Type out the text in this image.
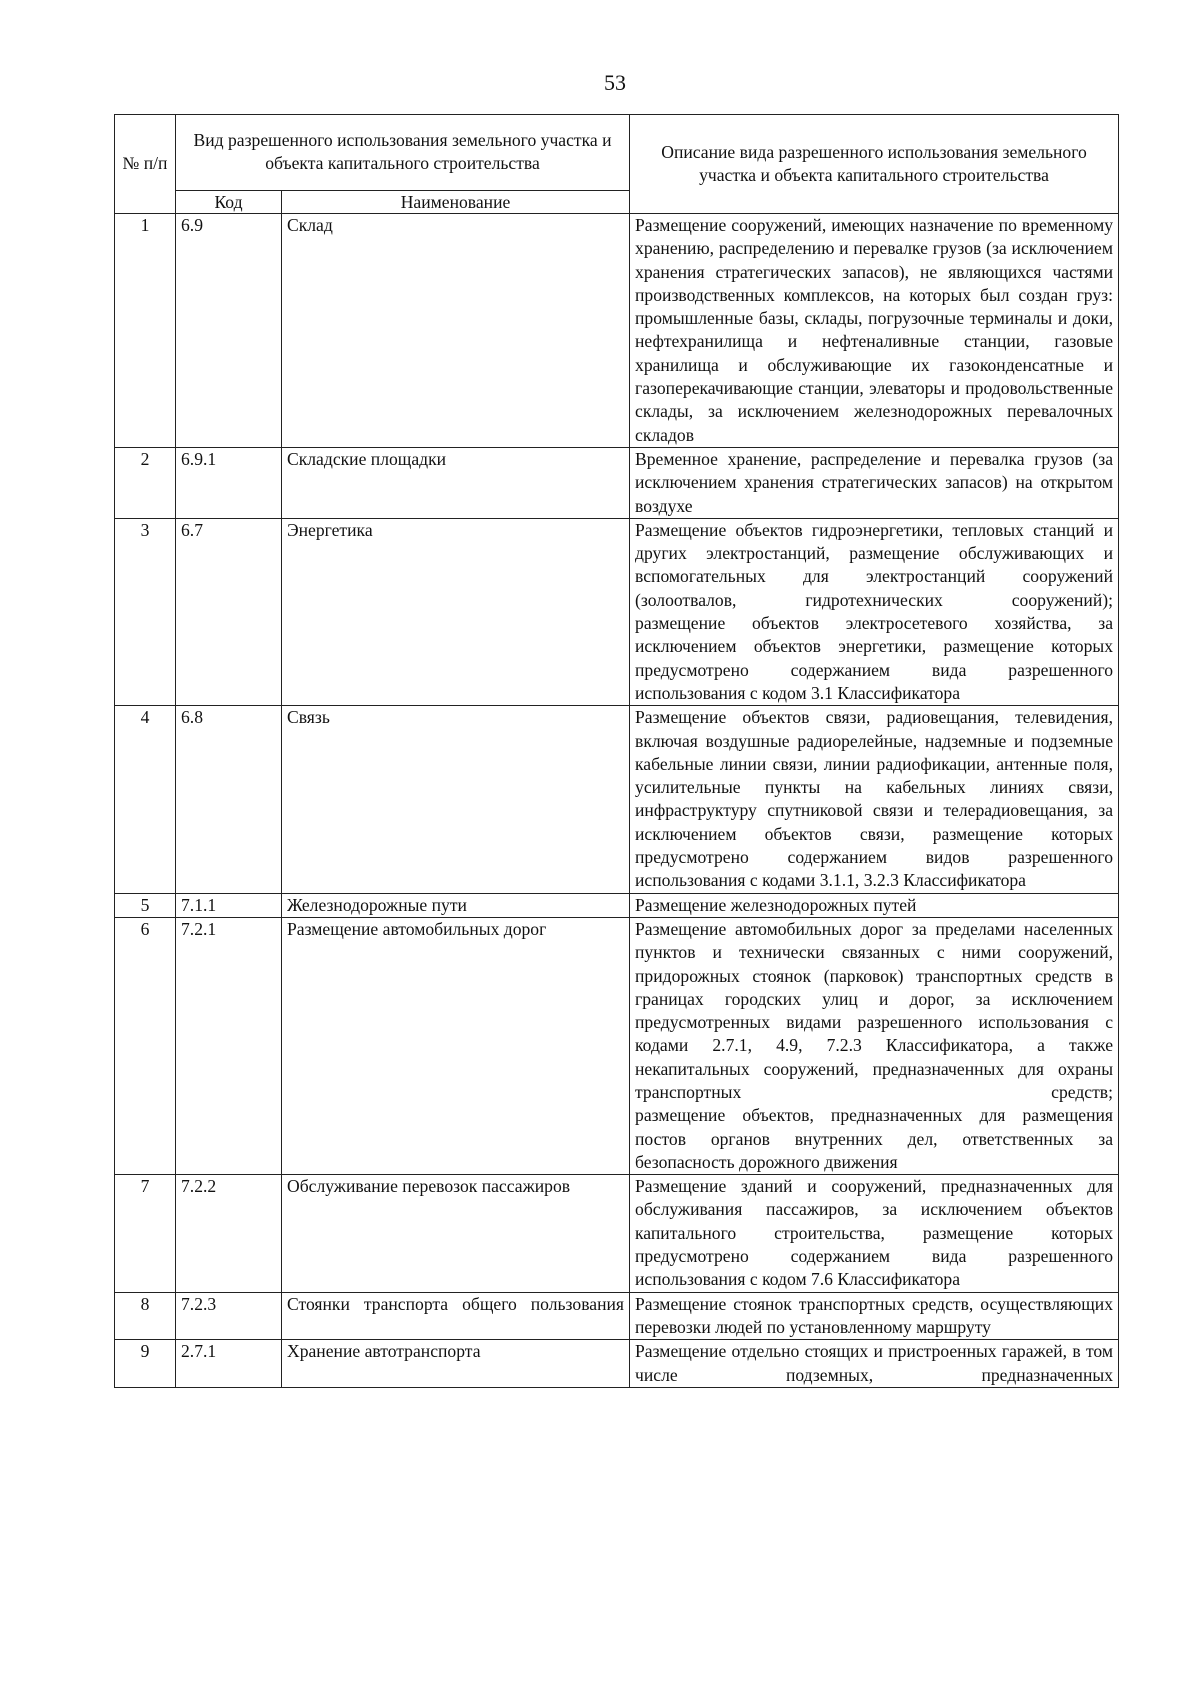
53
№ п/п	Вид разрешенного использования земельного участка и объекта капитального строительства		Описание вида разрешенного использования земельного участка и объекта капитального строительства
	Код	Наименование	
1	6.9	Склад	Размещение сооружений, имеющих назначение по временному хранению, распределению и перевалке грузов (за исключением хранения стратегических запасов), не являющихся частями производственных комплексов, на которых был создан груз: промышленные базы, склады, погрузочные терминалы и доки, нефтехранилища и нефтеналивные станции, газовые хранилища и обслуживающие их газоконденсатные и газоперекачивающие станции, элеваторы и продовольственные склады, за исключением железнодорожных перевалочных складов

2	6.9.1	Складские площадки	Временное хранение, распределение и перевалка грузов (за исключением хранения стратегических запасов) на открытом воздухе

3	6.7	Энергетика	Размещение объектов гидроэнергетики, тепловых станций и других электростанций, размещение обслуживающих и вспомогательных для электростанций сооружений (золоотвалов, гидротехнических сооружений);
размещение объектов электросетевого хозяйства, за исключением объектов энергетики, размещение которых предусмотрено содержанием вида разрешенного использования с кодом 3.1 Классификатора

4	6.8	Связь	Размещение объектов связи, радиовещания, телевидения, включая воздушные радиорелейные, надземные и подземные кабельные линии связи, линии радиофикации, антенные поля, усилительные пункты на кабельных линиях связи, инфраструктуру спутниковой связи и телерадиовещания, за исключением объектов связи, размещение которых предусмотрено содержанием видов разрешенного использования с кодами 3.1.1, 3.2.3 Классификатора

5	7.1.1	Железнодорожные пути	Размещение железнодорожных путей

6	7.2.1	Размещение автомобильных дорог	Размещение автомобильных дорог за пределами населенных пунктов и технически связанных с ними сооружений, придорожных стоянок (парковок) транспортных средств в границах городских улиц и дорог, за исключением предусмотренных видами разрешенного использования с кодами 2.7.1, 4.9, 7.2.3 Классификатора, а также некапитальных сооружений, предназначенных для охраны транспортных средств;
размещение объектов, предназначенных для размещения постов органов внутренних дел, ответственных за безопасность дорожного движения

7	7.2.2	Обслуживание перевозок пассажиров	Размещение зданий и сооружений, предназначенных для обслуживания пассажиров, за исключением объектов капитального строительства, размещение которых предусмотрено содержанием вида разрешенного использования с кодом 7.6 Классификатора

8	7.2.3	Стоянки транспорта общего пользования	Размещение стоянок транспортных средств, осуществляющих перевозки людей по установленному маршруту

9	2.7.1	Хранение автотранспорта	Размещение отдельно стоящих и пристроенных гаражей, в том числе подземных, предназначенных
